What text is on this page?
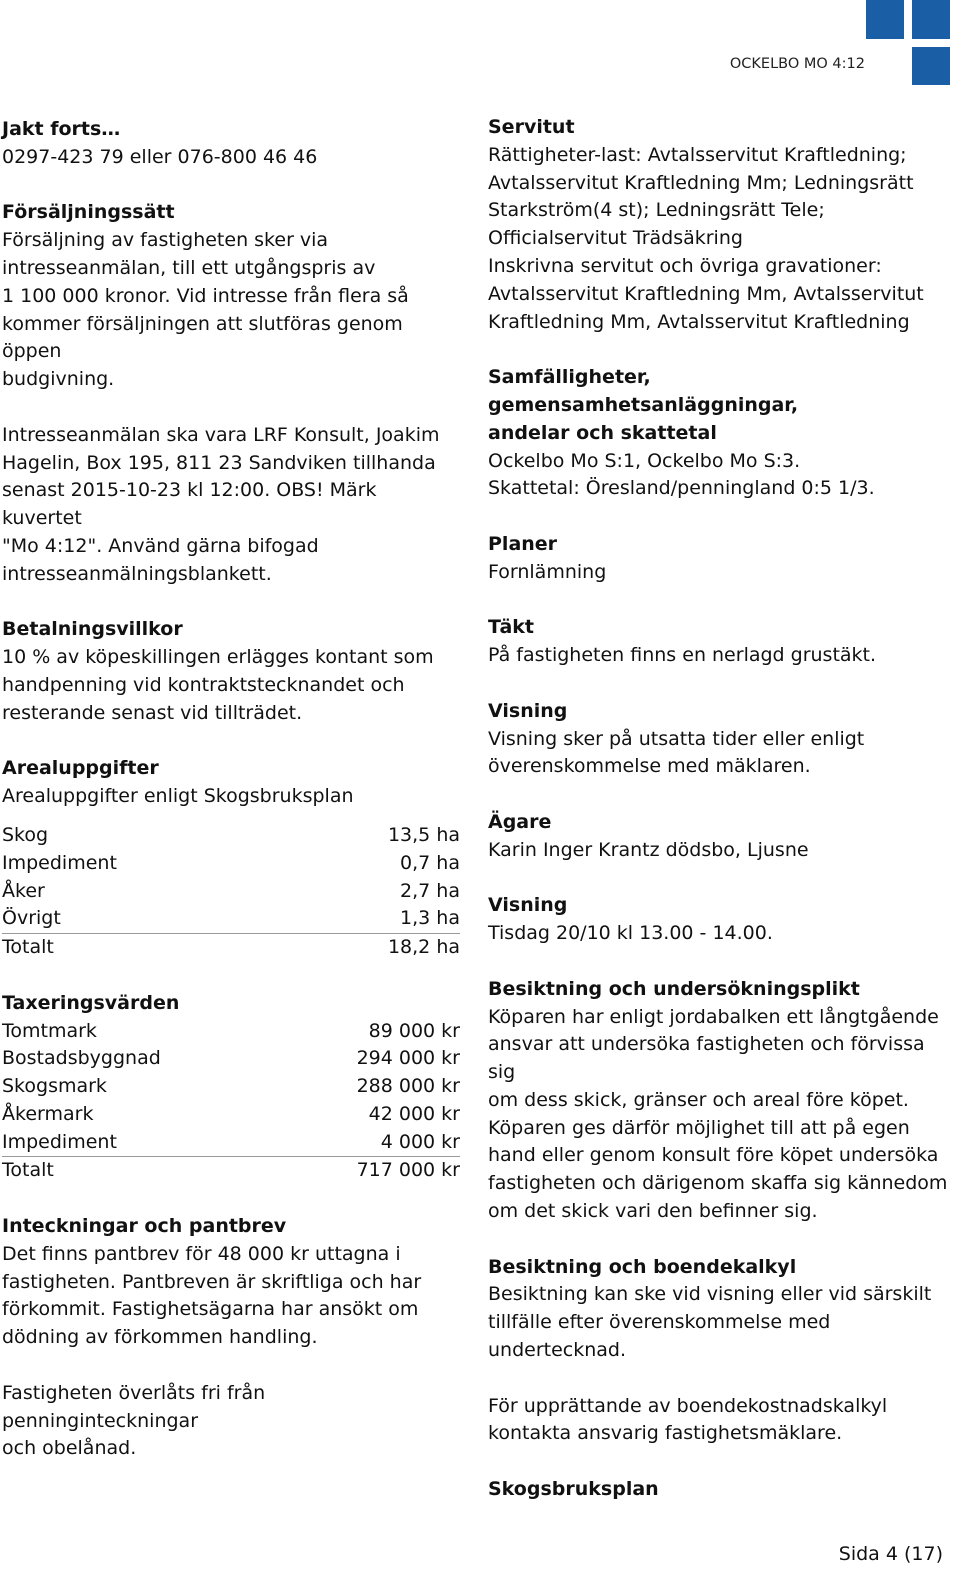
OCKELBO MO 4:12
Jakt forts…
0297-423 79 eller 076-800 46 46
Försäljningssätt
Försäljning av fastigheten sker via
intresseanmälan, till ett utgångspris av
1 100 000 kronor. Vid intresse från flera så
kommer försäljningen att slutföras genom öppen
budgivning.
Intresseanmälan ska vara LRF Konsult, Joakim
Hagelin, Box 195, 811 23 Sandviken tillhanda
senast 2015-10-23 kl 12:00. OBS! Märk kuvertet
"Mo 4:12". Använd gärna bifogad
intresseanmälningsblankett.
Betalningsvillkor
10 % av köpeskillingen erlägges kontant som
handpenning vid kontraktstecknandet och
resterande senast vid tillträdet.
Arealuppgifter
Arealuppgifter enligt Skogsbruksplan
Skog	13,5 ha
Impediment	0,7 ha
Åker	2,7 ha
Övrigt	1,3 ha
Totalt	18,2 ha
Taxeringsvärden
Tomtmark	89 000 kr
Bostadsbyggnad	294 000 kr
Skogsmark	288 000 kr
Åkermark	42 000 kr
Impediment	4 000 kr
Totalt	717 000 kr
Inteckningar och pantbrev
Det finns pantbrev för 48 000 kr uttagna i
fastigheten. Pantbreven är skriftliga och har
förkommit. Fastighetsägarna har ansökt om
dödning av förkommen handling.
Fastigheten överlåts fri från penninginteckningar
och obelånad.
Servitut
Rättigheter-last: Avtalsservitut Kraftledning;
Avtalsservitut Kraftledning Mm; Ledningsrätt
Starkström(4 st); Ledningsrätt Tele;
Officialservitut Trädsäkring
Inskrivna servitut och övriga gravationer:
Avtalsservitut Kraftledning Mm, Avtalsservitut
Kraftledning Mm, Avtalsservitut Kraftledning
Samfälligheter, gemensamhetsanläggningar,
andelar och skattetal
Ockelbo Mo S:1, Ockelbo Mo S:3.
Skattetal: Öresland/penningland 0:5 1/3.
Planer
Fornlämning
Täkt
På fastigheten finns en nerlagd grustäkt.
Visning
Visning sker på utsatta tider eller enligt
överenskommelse med mäklaren.
Ägare
Karin Inger Krantz dödsbo, Ljusne
Visning
Tisdag 20/10 kl 13.00 - 14.00.
Besiktning och undersökningsplikt
Köparen har enligt jordabalken ett långtgående
ansvar att undersöka fastigheten och förvissa sig
om dess skick, gränser och areal före köpet.
Köparen ges därför möjlighet till att på egen
hand eller genom konsult före köpet undersöka
fastigheten och därigenom skaffa sig kännedom
om det skick vari den befinner sig.
Besiktning och boendekalkyl
Besiktning kan ske vid visning eller vid särskilt
tillfälle efter överenskommelse med
undertecknad.
För upprättande av boendekostnadskalkyl
kontakta ansvarig fastighetsmäklare.
Skogsbruksplan
Sida 4 (17)
